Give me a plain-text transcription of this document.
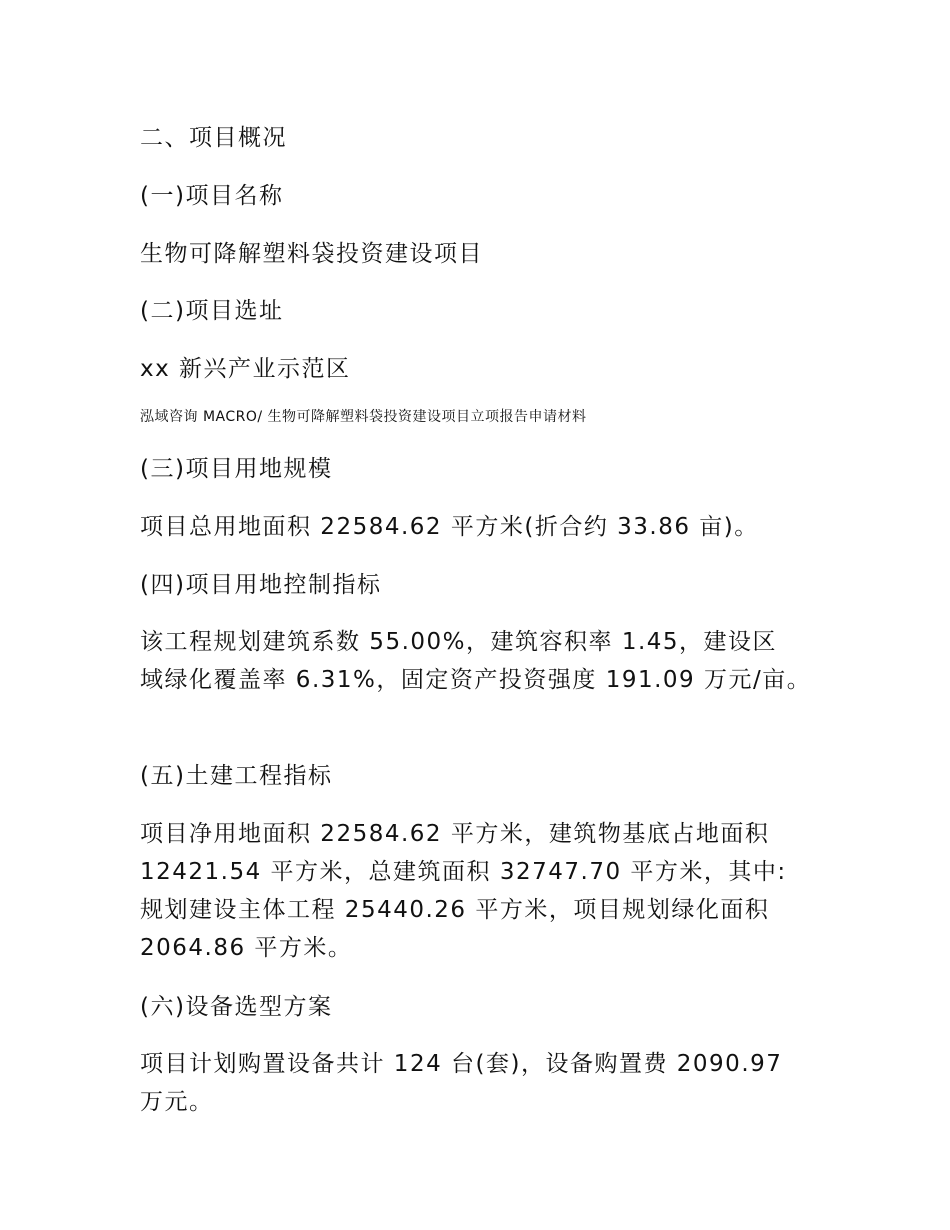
二、项目概况

(一)项目名称

生物可降解塑料袋投资建设项目

(二)项目选址

xx 新兴产业示范区

泓域咨询 MACRO/ 生物可降解塑料袋投资建设项目立项报告申请材料

(三)项目用地规模

项目总用地面积 22584.62 平方米(折合约 33.86 亩)。

(四)项目用地控制指标

该工程规划建筑系数 55.00%，建筑容积率 1.45，建设区

域绿化覆盖率 6.31%，固定资产投资强度 191.09 万元/亩。

(五)土建工程指标

项目净用地面积 22584.62 平方米，建筑物基底占地面积

12421.54 平方米，总建筑面积 32747.70 平方米，其中:

规划建设主体工程 25440.26 平方米，项目规划绿化面积

2064.86 平方米。

(六)设备选型方案

项目计划购置设备共计 124 台(套)，设备购置费 2090.97

万元。
